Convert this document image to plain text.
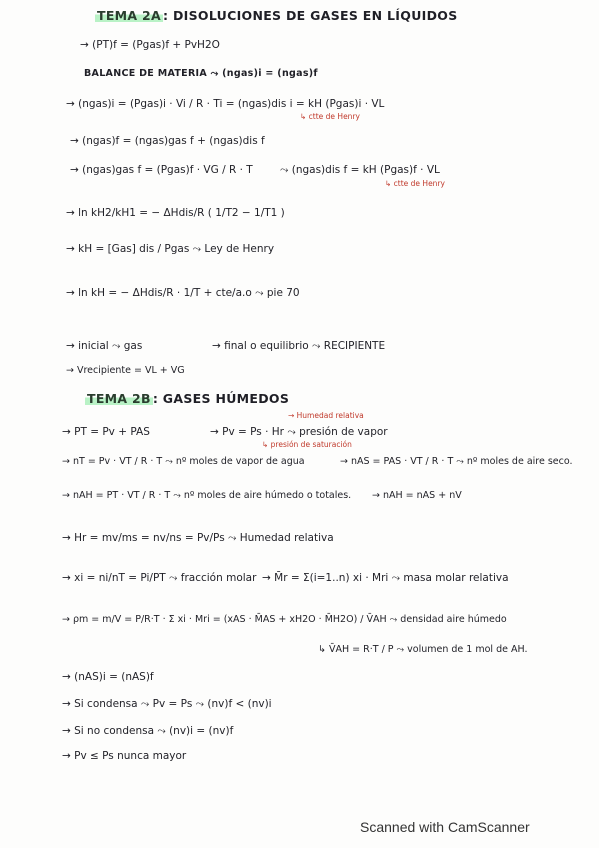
TEMA 2A : DISOLUCIONES DE GASES EN LÍQUIDOS
→ (PT)f = (Pgas)f + PvH2O
BALANCE DE MATERIA ⤳ (ngas)i = (ngas)f
→ (ngas)i = (Pgas)i · Vi / R · Ti = (ngas)dis i = kH (Pgas)i · VL
↳ ctte de Henry
→ (ngas)f = (ngas)gas f + (ngas)dis f
→ (ngas)gas f = (Pgas)f · VG / R · T	⤳ (ngas)dis f = kH (Pgas)f · VL
↳ ctte de Henry
→ ln kH2/kH1 = − ΔHdis/R ( 1/T2 − 1/T1 )
→ kH = [Gas] dis / Pgas ⤳ Ley de Henry
→ ln kH = − ΔHdis/R · 1/T + cte/a.o ⤳ pie 70
→ inicial ⤳ gas	→ final o equilibrio ⤳ RECIPIENTE
→ Vrecipiente = VL + VG
TEMA 2B : GASES HÚMEDOS
→ Humedad relativa
→ PT = Pv + PAS	→ Pv = Ps · Hr ⤳ presión de vapor
↳ presión de saturación
→ nT = Pv · VT / R · T ⤳ nº moles de vapor de agua	→ nAS = PAS · VT / R · T ⤳ nº moles de aire seco.
→ nAH = PT · VT / R · T ⤳ nº moles de aire húmedo o totales. → nAH = nAS + nV
→ Hr = mv/ms = nv/ns = Pv/Ps ⤳ Humedad relativa
→ xi = ni/nT = Pi/PT ⤳ fracción molar → M̄r = Σ(i=1..n) xi · Mri ⤳ masa molar relativa
→ ρm = m/V = P/R·T · Σ xi · Mri = (xAS · M̄AS + xH2O · M̄H2O) / V̄AH ⤳ densidad aire húmedo
↳ V̄AH = R·T / P ⤳ volumen de 1 mol de AH.
→ (nAS)i = (nAS)f
→ Si condensa ⤳ Pv = Ps ⤳ (nv)f < (nv)i
→ Si no condensa ⤳ (nv)i = (nv)f
→ Pv ≤ Ps nunca mayor
Scanned with CamScanner
